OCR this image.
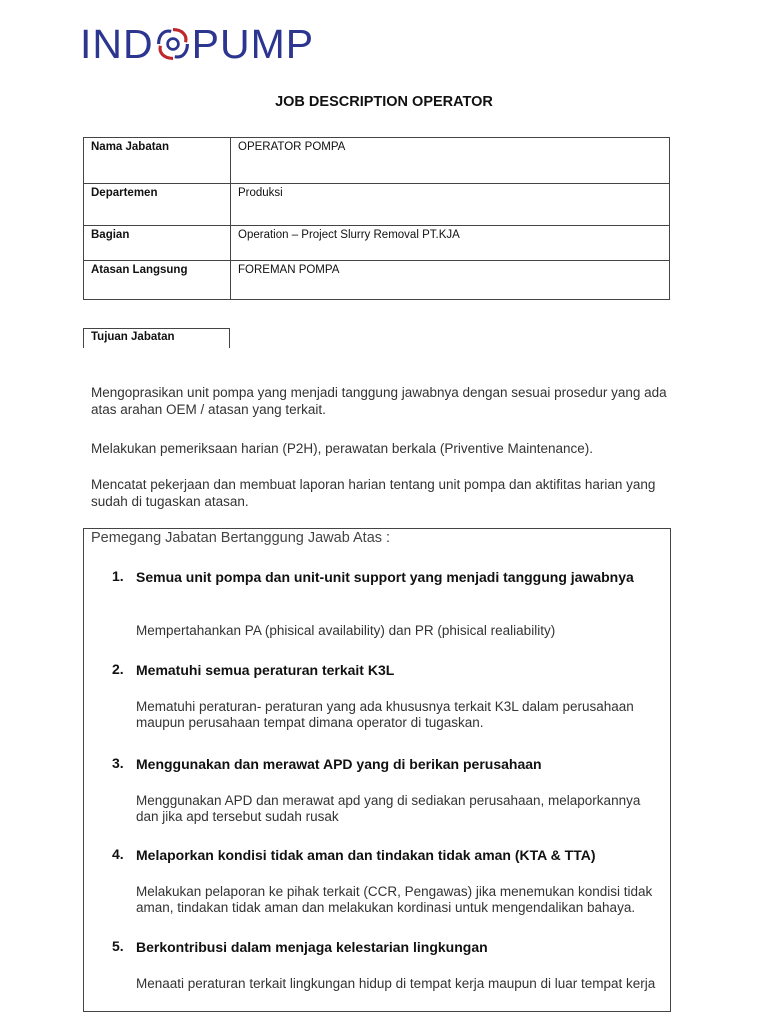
IND PUMP
JOB DESCRIPTION OPERATOR
Nama Jabatan	OPERATOR POMPA
Departemen	Produksi
Bagian	Operation – Project Slurry Removal PT.KJA
Atasan Langsung	FOREMAN POMPA
Tujuan Jabatan
Mengoprasikan unit pompa yang menjadi tanggung jawabnya dengan sesuai prosedur yang ada atas arahan OEM / atasan yang terkait.
Melakukan pemeriksaan harian (P2H), perawatan berkala (Priventive Maintenance).
Mencatat pekerjaan dan membuat laporan harian tentang unit pompa dan aktifitas harian yang sudah di tugaskan atasan.
Pemegang Jabatan Bertanggung Jawab Atas :
1. Semua unit pompa dan unit-unit support yang menjadi tanggung jawabnya
Mempertahankan PA (phisical availability) dan PR (phisical realiability)
2. Mematuhi semua peraturan terkait K3L
Mematuhi peraturan- peraturan yang ada khususnya terkait K3L dalam perusahaan maupun perusahaan tempat dimana operator di tugaskan.
3. Menggunakan dan merawat APD yang di berikan perusahaan
Menggunakan APD dan merawat apd yang di sediakan perusahaan, melaporkannya dan jika apd tersebut sudah rusak
4. Melaporkan kondisi tidak aman dan tindakan tidak aman (KTA & TTA)
Melakukan pelaporan ke pihak terkait (CCR, Pengawas) jika menemukan kondisi tidak aman, tindakan tidak aman dan melakukan kordinasi untuk mengendalikan bahaya.
5. Berkontribusi dalam menjaga kelestarian lingkungan
Menaati peraturan terkait lingkungan hidup di tempat kerja maupun di luar tempat kerja
